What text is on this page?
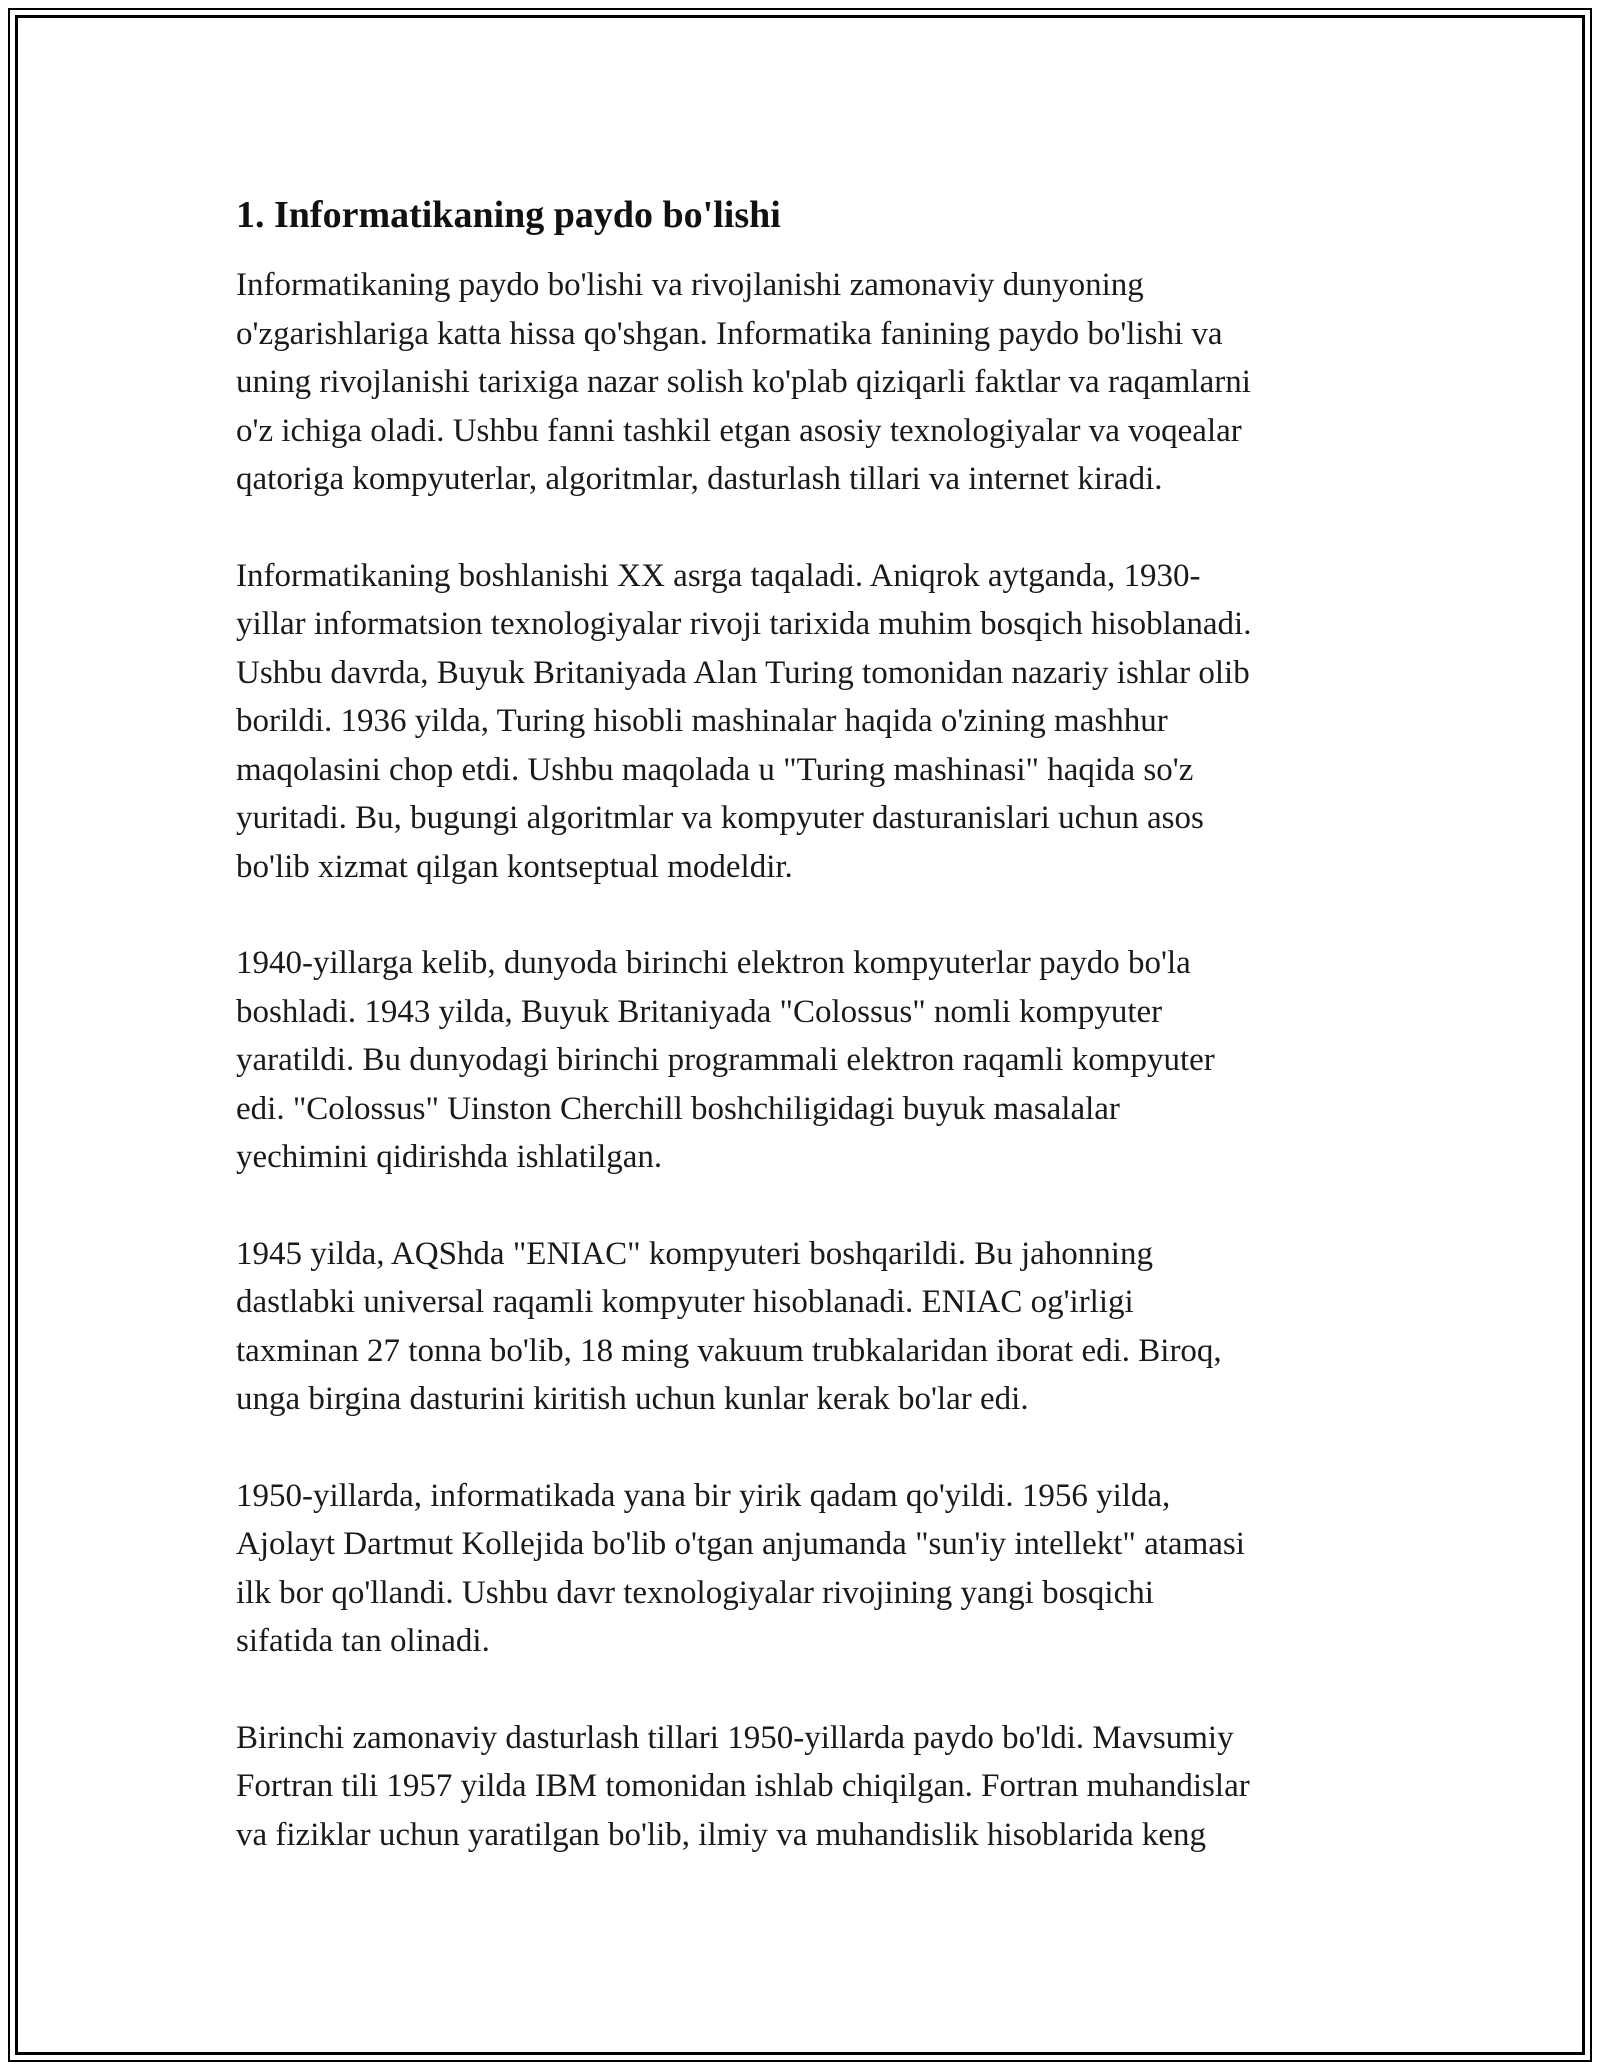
1. Informatikaning paydo bo'lishi

Informatikaning paydo bo'lishi va rivojlanishi zamonaviy dunyoning
o'zgarishlariga katta hissa qo'shgan. Informatika fanining paydo bo'lishi va
uning rivojlanishi tarixiga nazar solish ko'plab qiziqarli faktlar va raqamlarni
o'z ichiga oladi. Ushbu fanni tashkil etgan asosiy texnologiyalar va voqealar
qatoriga kompyuterlar, algoritmlar, dasturlash tillari va internet kiradi.

Informatikaning boshlanishi XX asrga taqaladi. Aniqrok aytganda, 1930-
yillar informatsion texnologiyalar rivoji tarixida muhim bosqich hisoblanadi.
Ushbu davrda, Buyuk Britaniyada Alan Turing tomonidan nazariy ishlar olib
borildi. 1936 yilda, Turing hisobli mashinalar haqida o'zining mashhur
maqolasini chop etdi. Ushbu maqolada u "Turing mashinasi" haqida so'z
yuritadi. Bu, bugungi algoritmlar va kompyuter dasturanislari uchun asos
bo'lib xizmat qilgan kontseptual modeldir.

1940-yillarga kelib, dunyoda birinchi elektron kompyuterlar paydo bo'la
boshladi. 1943 yilda, Buyuk Britaniyada "Colossus" nomli kompyuter
yaratildi. Bu dunyodagi birinchi programmali elektron raqamli kompyuter
edi. "Colossus" Uinston Cherchill boshchiligidagi buyuk masalalar
yechimini qidirishda ishlatilgan.

1945 yilda, AQShda "ENIAC" kompyuteri boshqarildi. Bu jahonning
dastlabki universal raqamli kompyuter hisoblanadi. ENIAC og'irligi
taxminan 27 tonna bo'lib, 18 ming vakuum trubkalaridan iborat edi. Biroq,
unga birgina dasturini kiritish uchun kunlar kerak bo'lar edi.

1950-yillarda, informatikada yana bir yirik qadam qo'yildi. 1956 yilda,
Ajolayt Dartmut Kollejida bo'lib o'tgan anjumanda "sun'iy intellekt" atamasi
ilk bor qo'llandi. Ushbu davr texnologiyalar rivojining yangi bosqichi
sifatida tan olinadi.

Birinchi zamonaviy dasturlash tillari 1950-yillarda paydo bo'ldi. Mavsumiy
Fortran tili 1957 yilda IBM tomonidan ishlab chiqilgan. Fortran muhandislar
va fiziklar uchun yaratilgan bo'lib, ilmiy va muhandislik hisoblarida keng
